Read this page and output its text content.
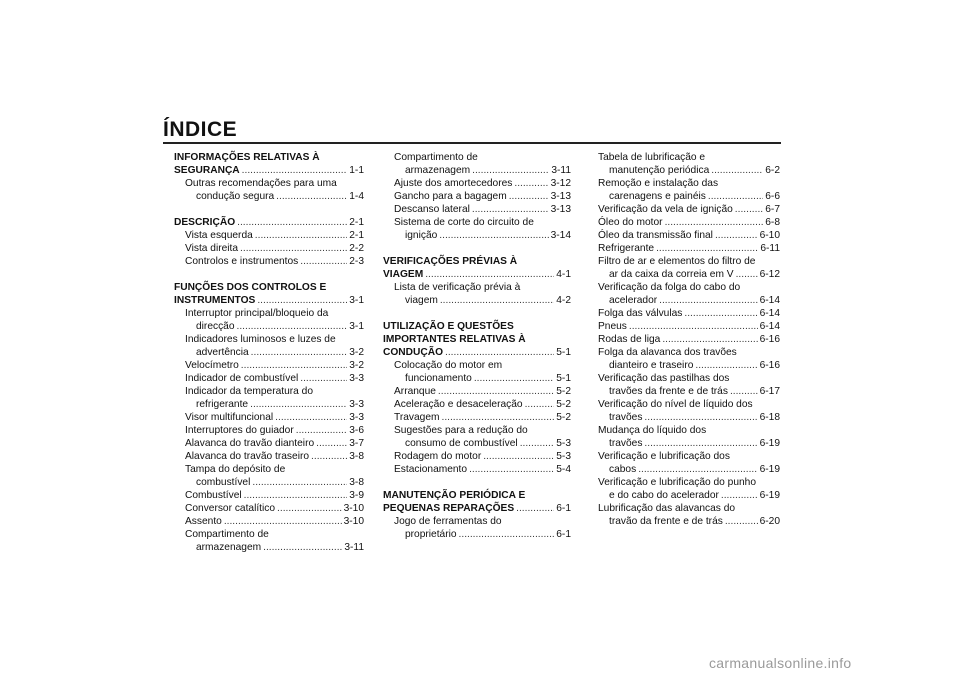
ÍNDICE
INFORMAÇÕES RELATIVAS À
SEGURANÇA .....	1-1
Outras recomendações para uma
condução segura .....	1-4
DESCRIÇÃO .....	2-1
Vista esquerda .....	2-1
Vista direita .....	2-2
Controlos e instrumentos .....	2-3
FUNÇÕES DOS CONTROLOS E
INSTRUMENTOS .....	3-1
Interruptor principal/bloqueio da
direcção .....	3-1
Indicadores luminosos e luzes de
advertência .....	3-2
Velocímetro .....	3-2
Indicador de combustível .....	3-3
Indicador da temperatura do
refrigerante .....	3-3
Visor multifuncional .....	3-3
Interruptores do guiador .....	3-6
Alavanca do travão dianteiro .....	3-7
Alavanca do travão traseiro .....	3-8
Tampa do depósito de
combustível .....	3-8
Combustível .....	3-9
Conversor catalítico .....	3-10
Assento .....	3-10
Compartimento de
armazenagem .....	3-11
Compartimento de
armazenagem .....	3-11
Ajuste dos amortecedores .....	3-12
Gancho para a bagagem .....	3-13
Descanso lateral .....	3-13
Sistema de corte do circuito de
ignição .....	3-14
VERIFICAÇÕES PRÉVIAS À
VIAGEM .....	4-1
Lista de verificação prévia à
viagem .....	4-2
UTILIZAÇÃO E QUESTÕES
IMPORTANTES RELATIVAS À
CONDUÇÃO .....	5-1
Colocação do motor em
funcionamento .....	5-1
Arranque .....	5-2
Aceleração e desaceleração .....	5-2
Travagem .....	5-2
Sugestões para a redução do
consumo de combustível .....	5-3
Rodagem do motor .....	5-3
Estacionamento .....	5-4
MANUTENÇÃO PERIÓDICA E
PEQUENAS REPARAÇÕES .....	6-1
Jogo de ferramentas do
proprietário .....	6-1
Tabela de lubrificação e
manutenção periódica .....	6-2
Remoção e instalação das
carenagens e painéis .....	6-6
Verificação da vela de ignição .....	6-7
Óleo do motor .....	6-8
Óleo da transmissão final .....	6-10
Refrigerante .....	6-11
Filtro de ar e elementos do filtro de
ar da caixa da correia em V .....	6-12
Verificação da folga do cabo do
acelerador .....	6-14
Folga das válvulas .....	6-14
Pneus .....	6-14
Rodas de liga .....	6-16
Folga da alavanca dos travões
dianteiro e traseiro .....	6-16
Verificação das pastilhas dos
travões da frente e de trás .....	6-17
Verificação do nível de líquido dos
travões .....	6-18
Mudança do líquido dos
travões .....	6-19
Verificação e lubrificação dos
cabos .....	6-19
Verificação e lubrificação do punho
e do cabo do acelerador .....	6-19
Lubrificação das alavancas do
travão da frente e de trás .....	6-20
carmanualsonline.info
